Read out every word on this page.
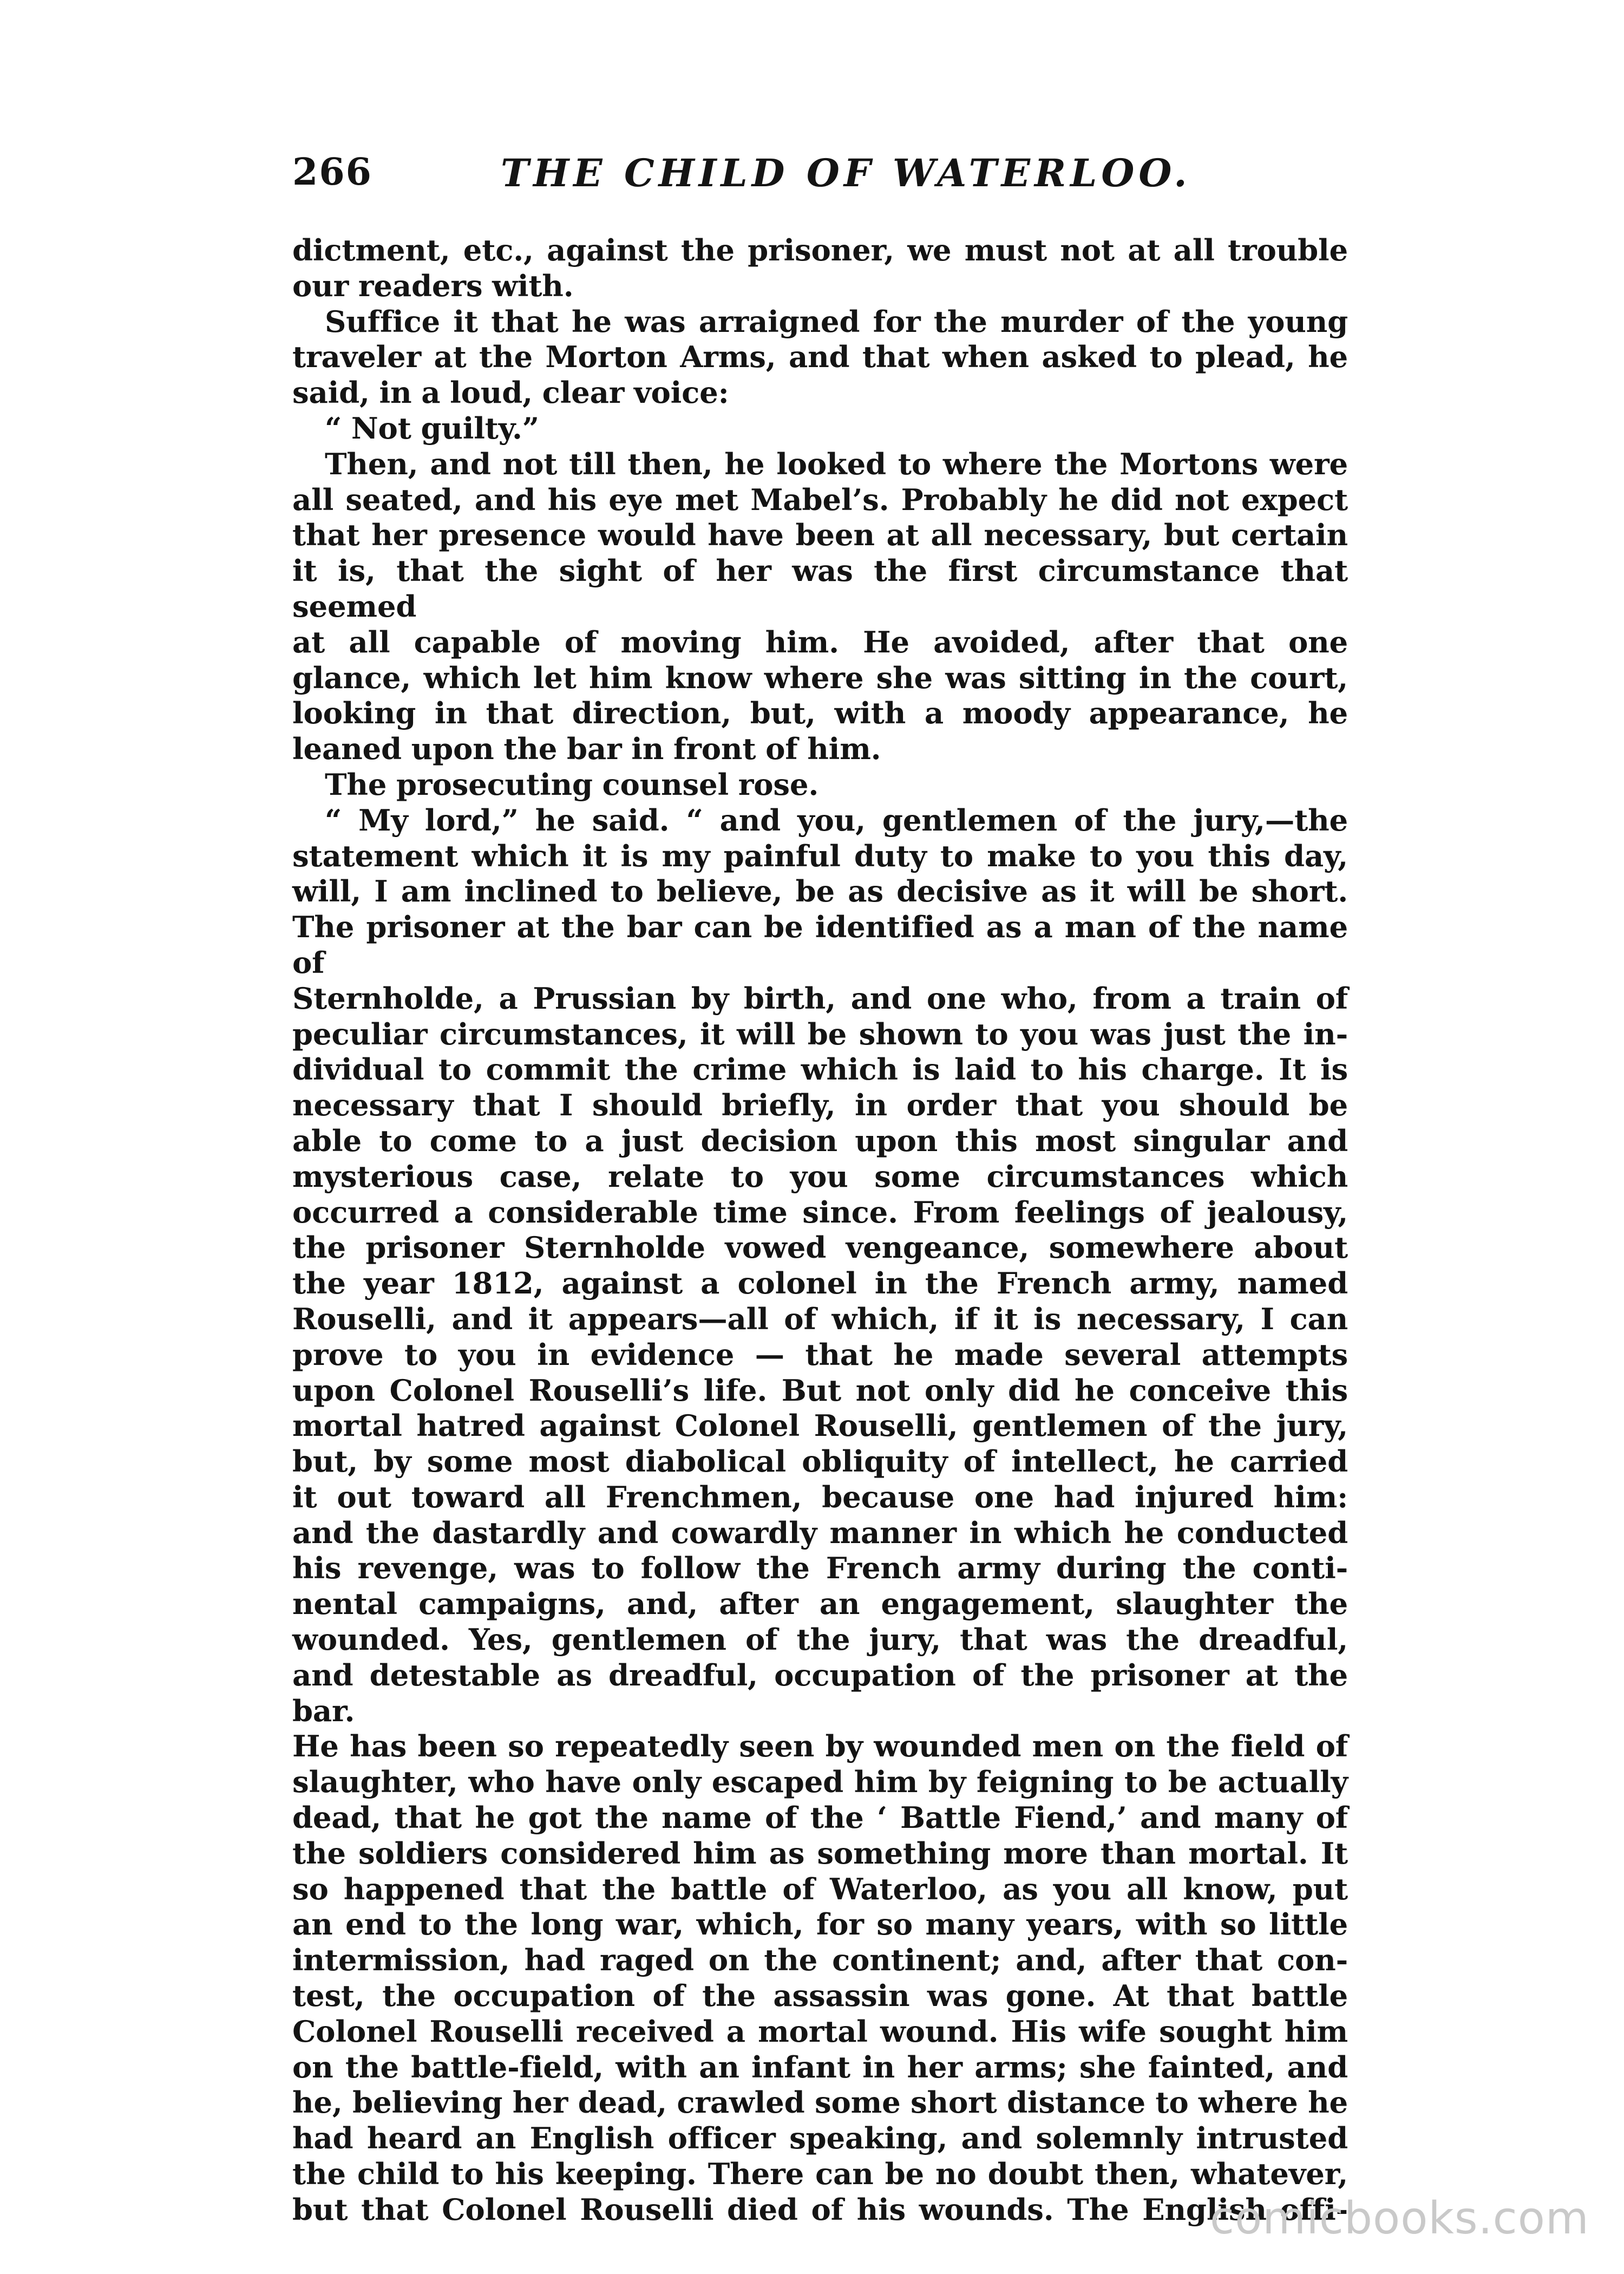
266	THE CHILD OF WATERLOO.

dictment, etc., against the prisoner, we must not at all trouble

our readers with.

Suffice it that he was arraigned for the murder of the young

traveler at the Morton Arms, and that when asked to plead, he

said, in a loud, clear voice:

“ Not guilty.”

Then, and not till then, he looked to where the Mortons were

all seated, and his eye met Mabel’s. Probably he did not expect

that her presence would have been at all necessary, but certain

it is, that the sight of her was the first circumstance that seemed

at all capable of moving him. He avoided, after that one

glance, which let him know where she was sitting in the court,

looking in that direction, but, with a moody appearance, he

leaned upon the bar in front of him.

The prosecuting counsel rose.

“ My lord,” he said. “ and you, gentlemen of the jury,—the

statement which it is my painful duty to make to you this day,

will, I am inclined to believe, be as decisive as it will be short.

The prisoner at the bar can be identified as a man of the name of

Sternholde, a Prussian by birth, and one who, from a train of

peculiar circumstances, it will be shown to you was just the in-

dividual to commit the crime which is laid to his charge. It is

necessary that I should briefly, in order that you should be

able to come to a just decision upon this most singular and

mysterious case, relate to you some circumstances which

occurred a considerable time since. From feelings of jealousy,

the prisoner Sternholde vowed vengeance, somewhere about

the year 1812, against a colonel in the French army, named

Rouselli, and it appears—all of which, if it is necessary, I can

prove to you in evidence — that he made several attempts

upon Colonel Rouselli’s life. But not only did he conceive this

mortal hatred against Colonel Rouselli, gentlemen of the jury,

but, by some most diabolical obliquity of intellect, he carried

it out toward all Frenchmen, because one had injured him:

and the dastardly and cowardly manner in which he conducted

his revenge, was to follow the French army during the conti-

nental campaigns, and, after an engagement, slaughter the

wounded. Yes, gentlemen of the jury, that was the dreadful,

and detestable as dreadful, occupation of the prisoner at the bar.

He has been so repeatedly seen by wounded men on the field of

slaughter, who have only escaped him by feigning to be actually

dead, that he got the name of the ‘ Battle Fiend,’ and many of

the soldiers considered him as something more than mortal. It

so happened that the battle of Waterloo, as you all know, put

an end to the long war, which, for so many years, with so little

intermission, had raged on the continent; and, after that con-

test, the occupation of the assassin was gone. At that battle

Colonel Rouselli received a mortal wound. His wife sought him

on the battle-field, with an infant in her arms; she fainted, and

he, believing her dead, crawled some short distance to where he

had heard an English officer speaking, and solemnly intrusted

the child to his keeping. There can be no doubt then, whatever,

but that Colonel Rouselli died of his wounds. The English offi-

comicbooks.com
